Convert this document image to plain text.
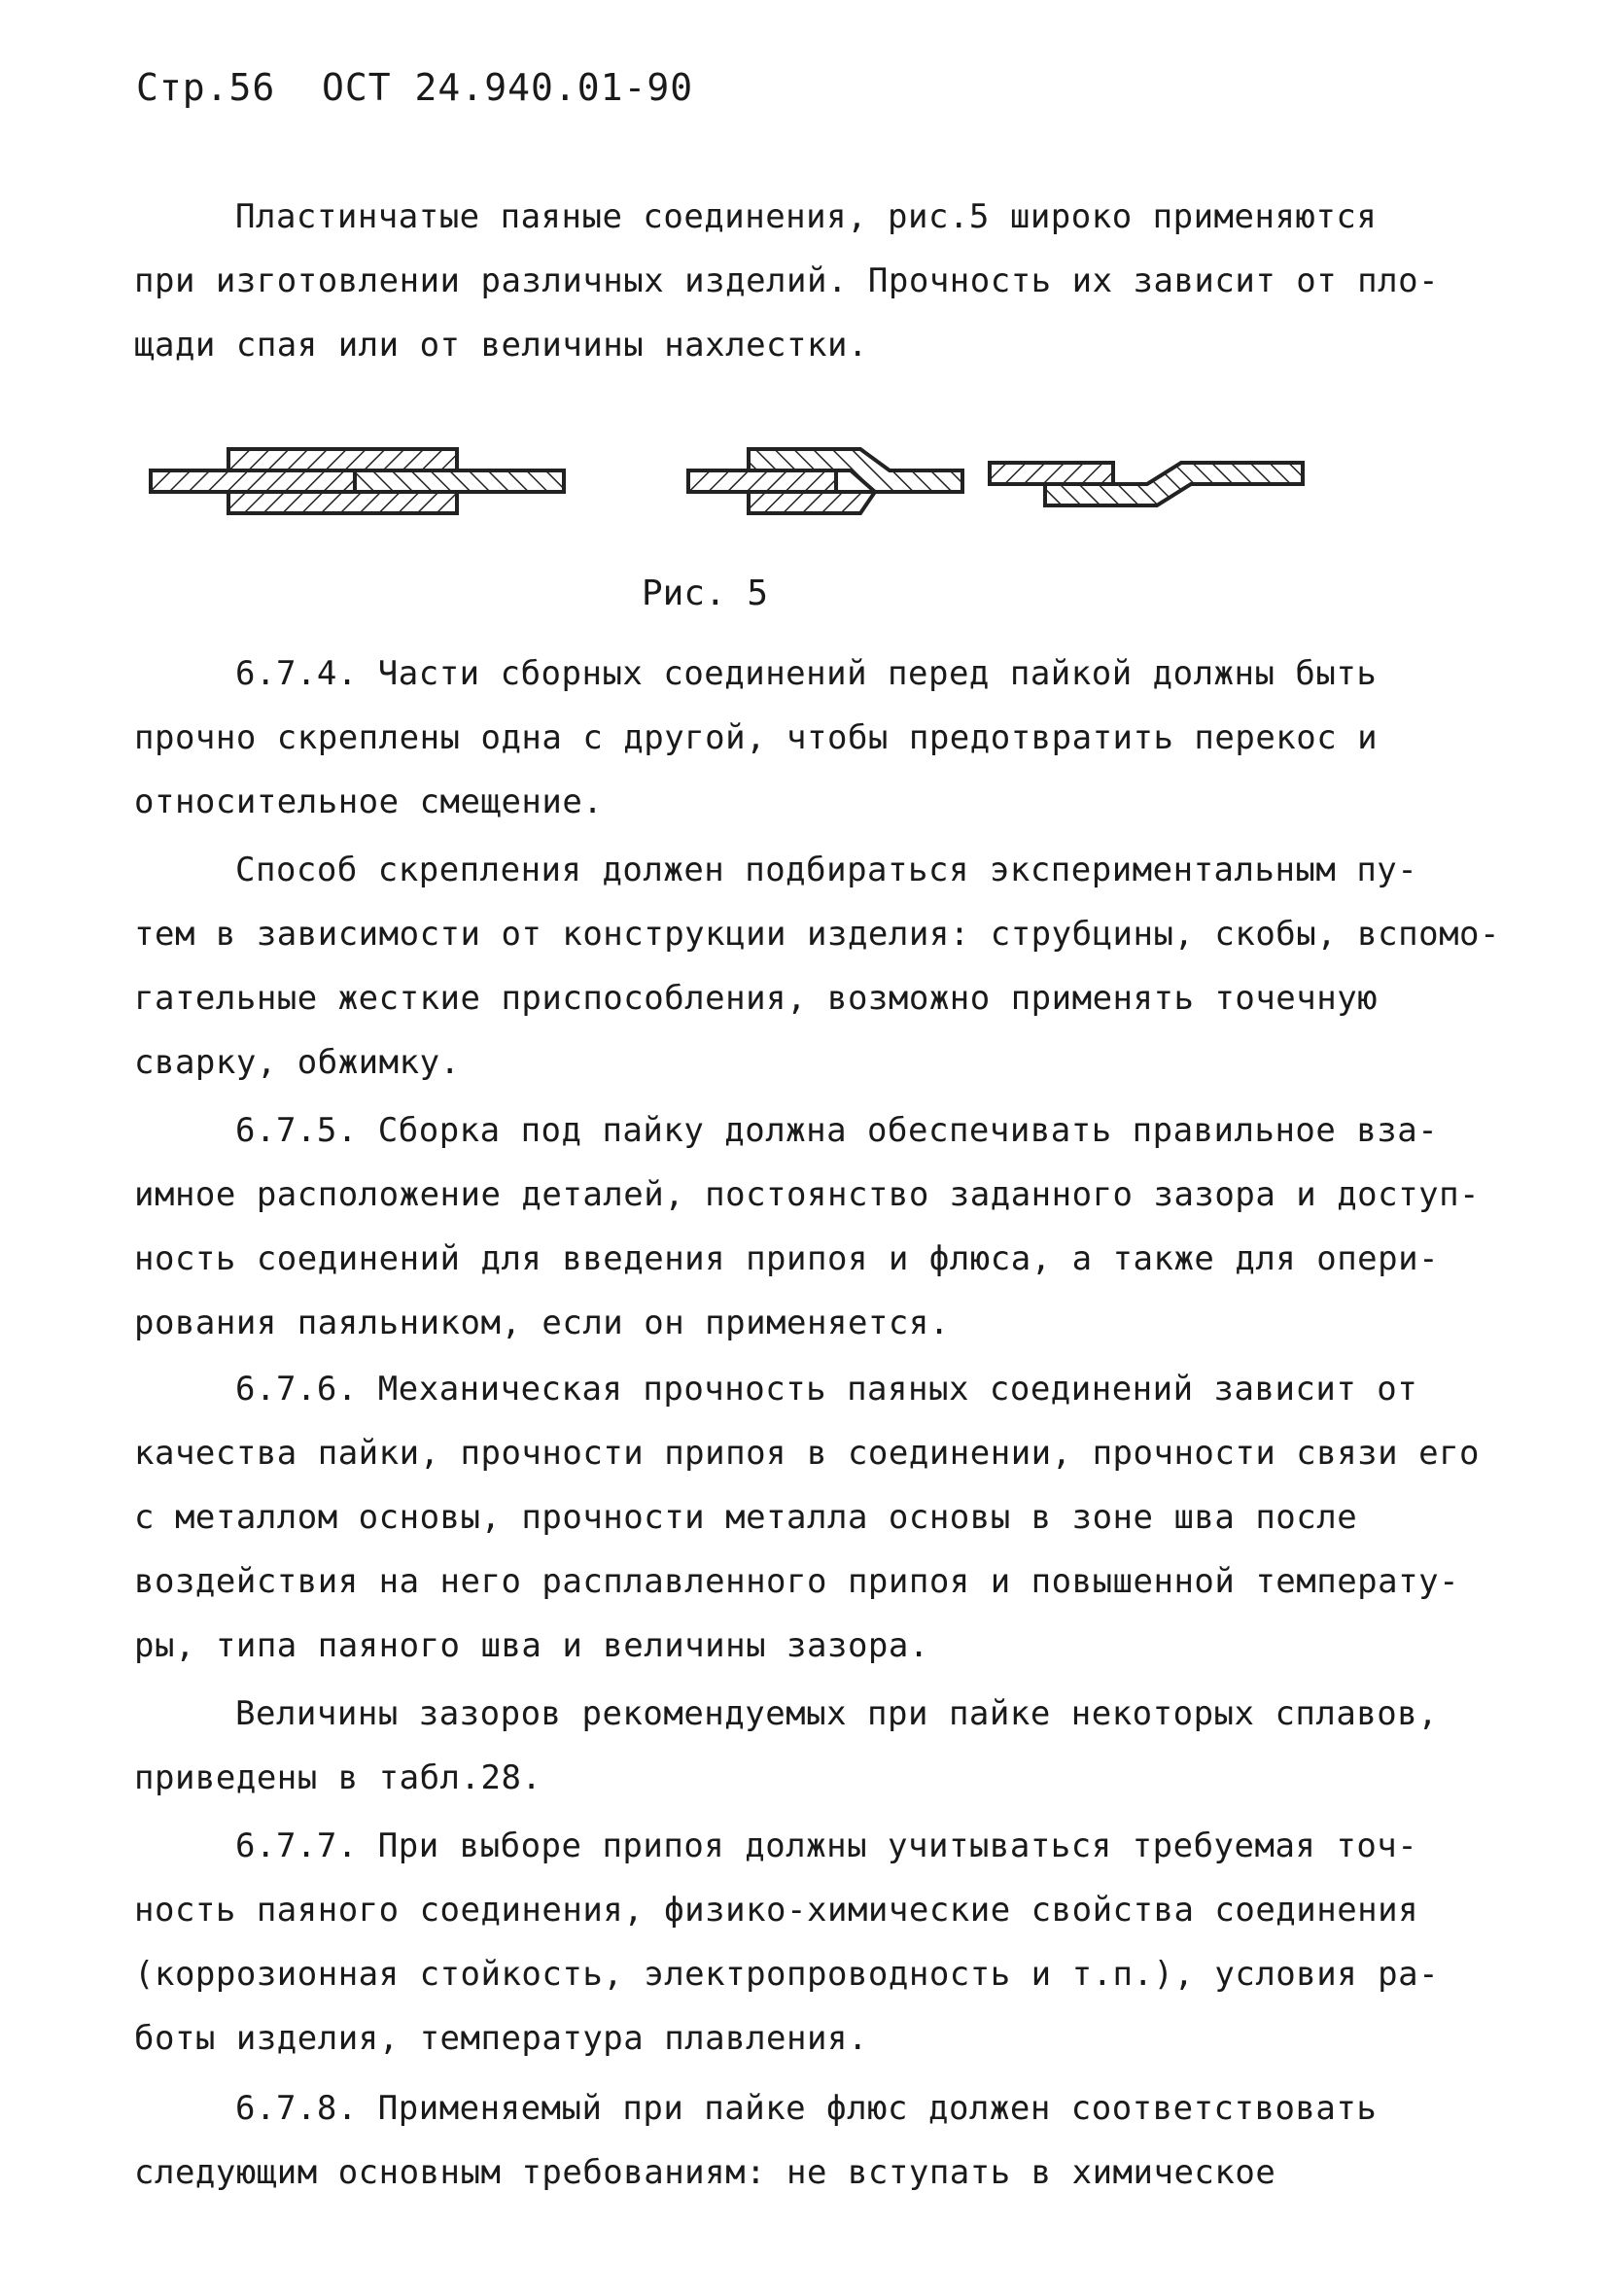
Стр.56 ОСТ 24.940.01-90
Пластинчатые паяные соединения, рис.5 широко применяются
при изготовлении различных изделий. Прочность их зависит от пло-
щади спая или от величины нахлестки.
Рис. 5
6.7.4. Части сборных соединений перед пайкой должны быть
прочно скреплены одна с другой, чтобы предотвратить перекос и
относительное смещение.
Способ скрепления должен подбираться экспериментальным пу-
тем в зависимости от конструкции изделия: струбцины, скобы, вспомо-
гательные жесткие приспособления, возможно применять точечную
сварку, обжимку.
6.7.5. Сборка под пайку должна обеспечивать правильное вза-
имное расположение деталей, постоянство заданного зазора и доступ-
ность соединений для введения припоя и флюса, а также для опери-
рования паяльником, если он применяется.
6.7.6. Механическая прочность паяных соединений зависит от
качества пайки, прочности припоя в соединении, прочности связи его
с металлом основы, прочности металла основы в зоне шва после
воздействия на него расплавленного припоя и повышенной температу-
ры, типа паяного шва и величины зазора.
Величины зазоров рекомендуемых при пайке некоторых сплавов,
приведены в табл.28.
6.7.7. При выборе припоя должны учитываться требуемая точ-
ность паяного соединения, физико-химические свойства соединения
(коррозионная стойкость, электропроводность и т.п.), условия ра-
боты изделия, температура плавления.
6.7.8. Применяемый при пайке флюс должен соответствовать
следующим основным требованиям: не вступать в химическое
